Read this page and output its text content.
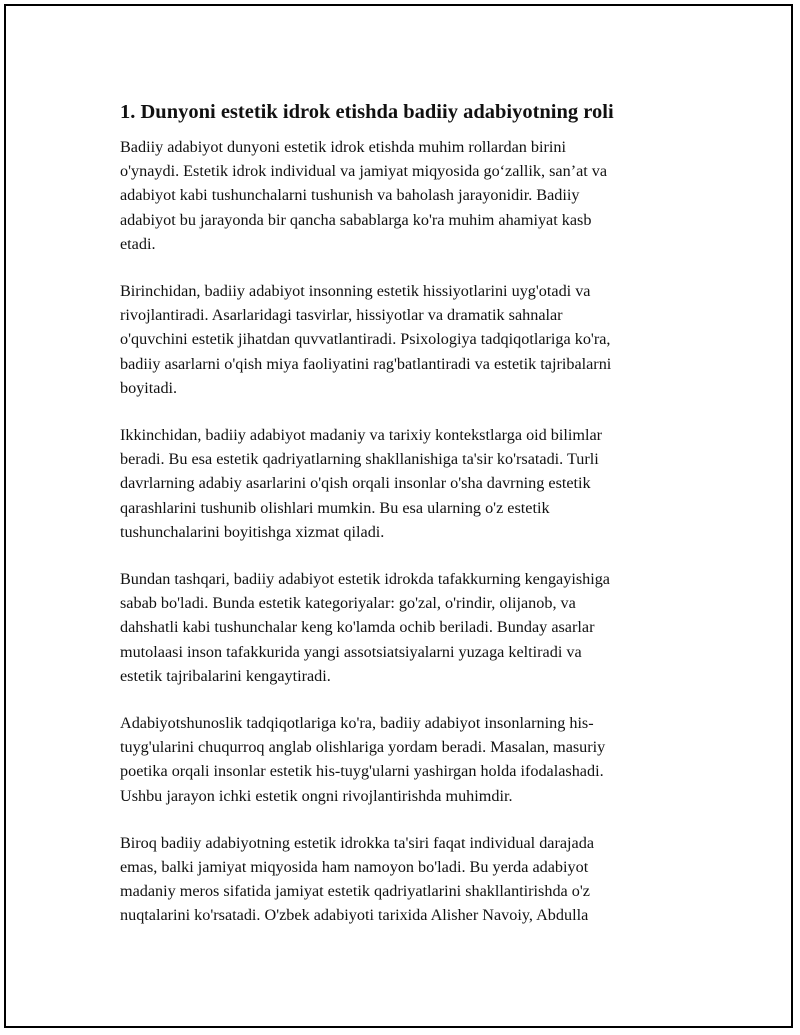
1. Dunyoni estetik idrok etishda badiiy adabiyotning roli

Badiiy adabiyot dunyoni estetik idrok etishda muhim rollardan birini
o'ynaydi. Estetik idrok individual va jamiyat miqyosida go‘zallik, san’at va
adabiyot kabi tushunchalarni tushunish va baholash jarayonidir. Badiiy
adabiyot bu jarayonda bir qancha sabablarga ko'ra muhim ahamiyat kasb
etadi.

Birinchidan, badiiy adabiyot insonning estetik hissiyotlarini uyg'otadi va
rivojlantiradi. Asarlaridagi tasvirlar, hissiyotlar va dramatik sahnalar
o'quvchini estetik jihatdan quvvatlantiradi. Psixologiya tadqiqotlariga ko'ra,
badiiy asarlarni o'qish miya faoliyatini rag'batlantiradi va estetik tajribalarni
boyitadi.

Ikkinchidan, badiiy adabiyot madaniy va tarixiy kontekstlarga oid bilimlar
beradi. Bu esa estetik qadriyatlarning shakllanishiga ta'sir ko'rsatadi. Turli
davrlarning adabiy asarlarini o'qish orqali insonlar o'sha davrning estetik
qarashlarini tushunib olishlari mumkin. Bu esa ularning o'z estetik
tushunchalarini boyitishga xizmat qiladi.

Bundan tashqari, badiiy adabiyot estetik idrokda tafakkurning kengayishiga
sabab bo'ladi. Bunda estetik kategoriyalar: go'zal, o'rindir, olijanob, va
dahshatli kabi tushunchalar keng ko'lamda ochib beriladi. Bunday asarlar
mutolaasi inson tafakkurida yangi assotsiatsiyalarni yuzaga keltiradi va
estetik tajribalarini kengaytiradi.

Adabiyotshunoslik tadqiqotlariga ko'ra, badiiy adabiyot insonlarning his-
tuyg'ularini chuqurroq anglab olishlariga yordam beradi. Masalan, masuriy
poetika orqali insonlar estetik his-tuyg'ularni yashirgan holda ifodalashadi.
Ushbu jarayon ichki estetik ongni rivojlantirishda muhimdir.

Biroq badiiy adabiyotning estetik idrokka ta'siri faqat individual darajada
emas, balki jamiyat miqyosida ham namoyon bo'ladi. Bu yerda adabiyot
madaniy meros sifatida jamiyat estetik qadriyatlarini shakllantirishda o'z
nuqtalarini ko'rsatadi. O'zbek adabiyoti tarixida Alisher Navoiy, Abdulla
